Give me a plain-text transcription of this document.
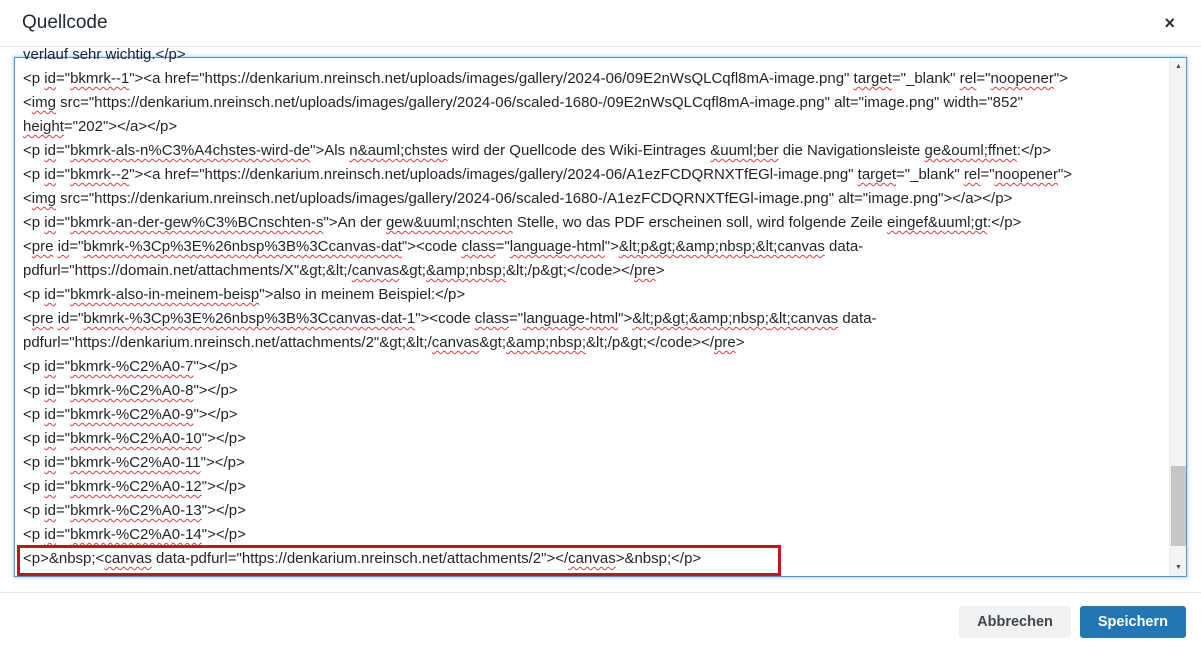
Quellcode	×
verlauf sehr wichtig.</p>
<p id="bkmrk--1"><a href="https://denkarium.nreinsch.net/uploads/images/gallery/2024-06/09E2nWsQLCqfl8mA-image.png" target="_blank" rel="noopener">
<img src="https://denkarium.nreinsch.net/uploads/images/gallery/2024-06/scaled-1680-/09E2nWsQLCqfl8mA-image.png" alt="image.png" width="852"
height="202"></a></p>
<p id="bkmrk-als-n%C3%A4chstes-wird-de">Als n&auml;chstes wird der Quellcode des Wiki-Eintrages &uuml;ber die Navigationsleiste ge&ouml;ffnet:</p>
<p id="bkmrk--2"><a href="https://denkarium.nreinsch.net/uploads/images/gallery/2024-06/A1ezFCDQRNXTfEGl-image.png" target="_blank" rel="noopener">
<img src="https://denkarium.nreinsch.net/uploads/images/gallery/2024-06/scaled-1680-/A1ezFCDQRNXTfEGl-image.png" alt="image.png"></a></p>
<p id="bkmrk-an-der-gew%C3%BCnschten-s">An der gew&uuml;nschten Stelle, wo das PDF erscheinen soll, wird folgende Zeile eingef&uuml;gt:</p>
<pre id="bkmrk-%3Cp%3E%26nbsp%3B%3Ccanvas-dat"><code class="language-html">&lt;p&gt;&amp;nbsp;&lt;canvas data-
pdfurl="https://domain.net/attachments/X"&gt;&lt;/canvas&gt;&amp;nbsp;&lt;/p&gt;</code></pre>
<p id="bkmrk-also-in-meinem-beisp">also in meinem Beispiel:</p>
<pre id="bkmrk-%3Cp%3E%26nbsp%3B%3Ccanvas-dat-1"><code class="language-html">&lt;p&gt;&amp;nbsp;&lt;canvas data-
pdfurl="https://denkarium.nreinsch.net/attachments/2"&gt;&lt;/canvas&gt;&amp;nbsp;&lt;/p&gt;</code></pre>
<p id="bkmrk-%C2%A0-7"></p>
<p id="bkmrk-%C2%A0-8"></p>
<p id="bkmrk-%C2%A0-9"></p>
<p id="bkmrk-%C2%A0-10"></p>
<p id="bkmrk-%C2%A0-11"></p>
<p id="bkmrk-%C2%A0-12"></p>
<p id="bkmrk-%C2%A0-13"></p>
<p id="bkmrk-%C2%A0-14"></p>
<p>&nbsp;<canvas data-pdfurl="https://denkarium.nreinsch.net/attachments/2"></canvas>&nbsp;</p>
▲
▼
Abbrechen	Speichern
